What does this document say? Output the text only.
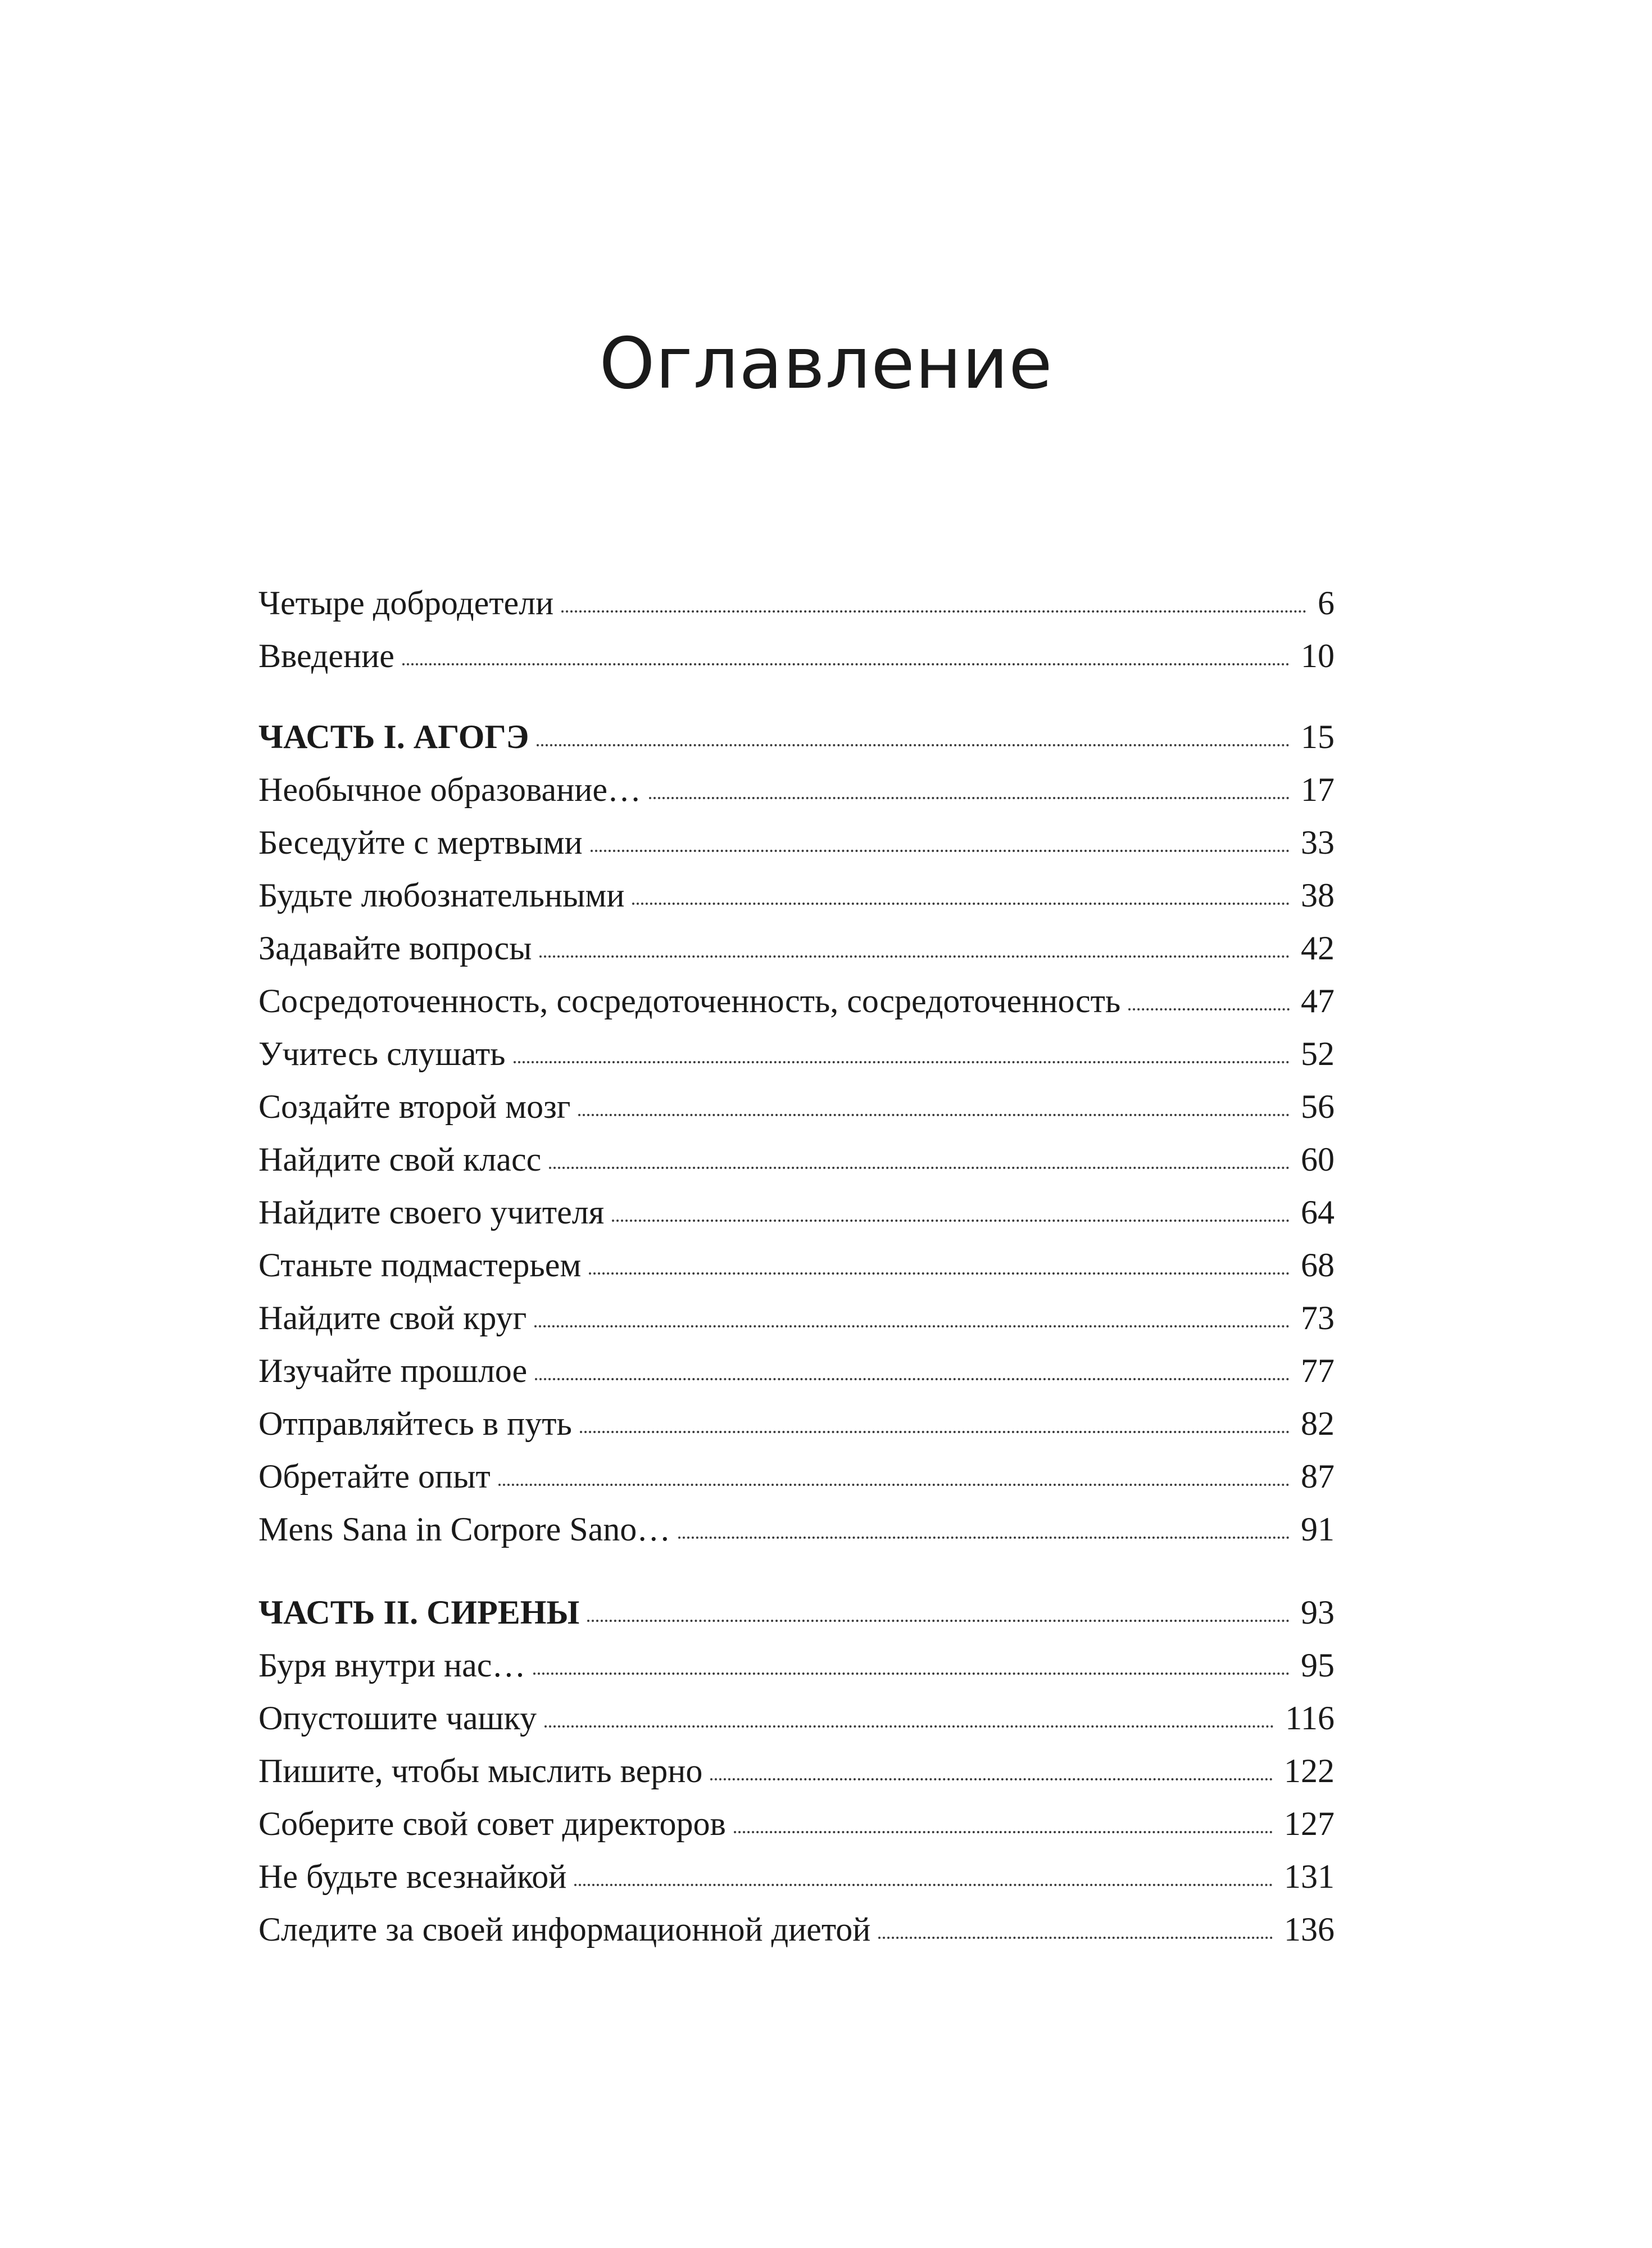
Оглавление
Четыре добродетели	6
Введение	10
ЧАСТЬ I. АГОГЭ	15
Необычное образование…	17
Беседуйте с мертвыми	33
Будьте любознательными	38
Задавайте вопросы	42
Сосредоточенность, сосредоточенность, сосредоточенность	47
Учитесь слушать	52
Создайте второй мозг	56
Найдите свой класс	60
Найдите своего учителя	64
Станьте подмастерьем	68
Найдите свой круг	73
Изучайте прошлое	77
Отправляйтесь в путь	82
Обретайте опыт	87
Mens Sana in Corpore Sano…	91
ЧАСТЬ II. СИРЕНЫ	93
Буря внутри нас…	95
Опустошите чашку	116
Пишите, чтобы мыслить верно	122
Соберите свой совет директоров	127
Не будьте всезнайкой	131
Следите за своей информационной диетой	136
